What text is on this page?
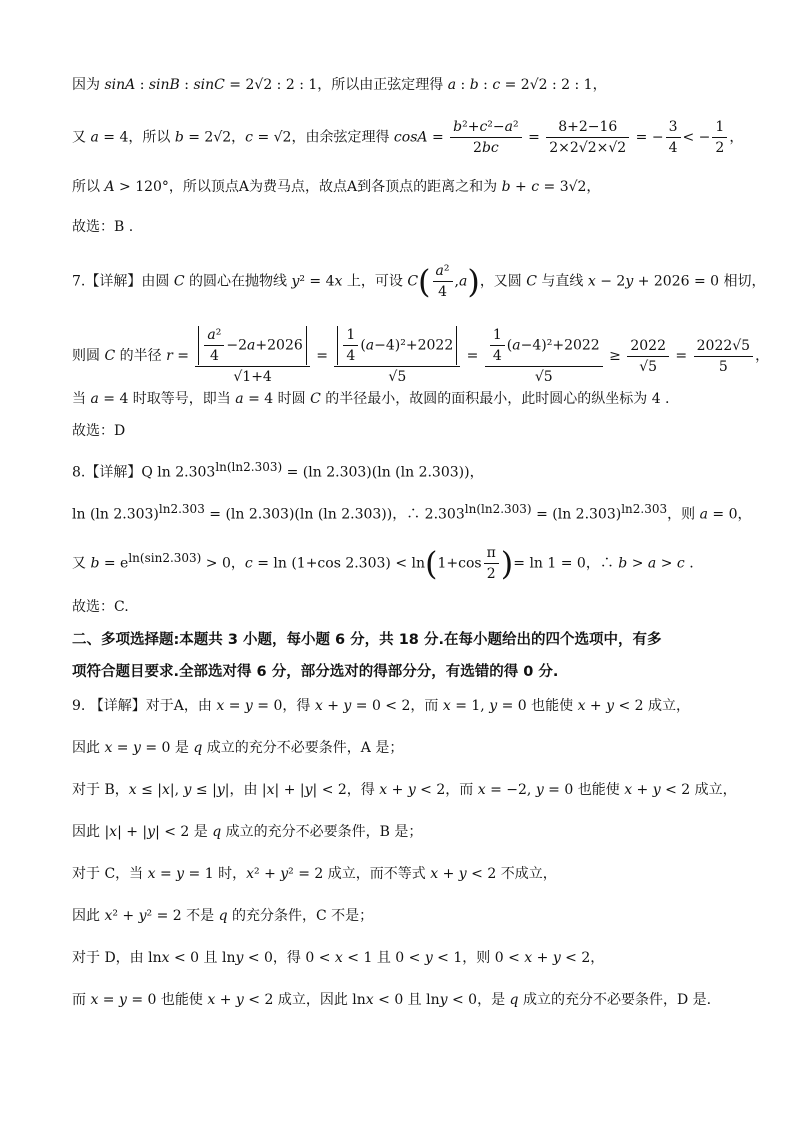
因为 sinA : sinB : sinC = 2√2 : 2 : 1，所以由正弦定理得 a : b : c = 2√2 : 2 : 1，
又 a = 4，所以 b = 2√2，c = √2，由余弦定理得 $\cos A = \frac{\text{b²+c²−a²}}{2bc} = \frac{8+2-16}{2\times 2√2\times√2}$ = − $\frac{3}{4}$ < − $\frac{1}{2}$ ，
所以 A > 120°，所以顶点A为费马点，故点A到各顶点的距离之和为 b + c = 3√2，
故选：B .
7.【详解】由圆 C 的圆心在抛物线 y² = 4x 上，可设 $C( \frac{\text{a²}}{4} ,a)$，又圆 C 与直线 x − 2y + 2026 = 0 相切，
则圆 C 的半径 $r = \frac{\frac{\text{a²}}{4} -2a+2026}{√1+4} = \frac{\frac{1}{4} (a-4)^2+2022}{√5} = \frac{\frac{1}{4} (a-4)^2+2022}{√5} \ge \frac{2022}{√5} = \frac{2022√5}{5}$ ，
当 a = 4 时取等号，即当 a = 4 时圆 C 的半径最小，故圆的面积最小，此时圆心的纵坐标为 4 .
故选：D
8.【详解】Q $\ln 2.303^{ln(ln2.303)} = (\ln$ 2.303)(ln (ln 2.303))，
ln (ln 2.303)$^{ln2.303}$ = (ln 2.303)(ln (ln 2.303))，∴ $2.303^{ln(ln2.303)} = (\ln$ 2.303)$^{ln2.303}$，则 a = 0，
又 $b = e^{ln(sin2.303)} > 0$，c = ln (1+cos $2.303) < \ln(1+\cos \frac{\pi}{2}$ )= ln 1 = 0，∴ b > a > c .
故选：C.
二、多项选择题:本题共 3 小题，每小题 6 分，共 18 分.在每小题给出的四个选项中，有多
项符合题目要求.全部选对得 6 分，部分选对的得部分分，有选错的得 0 分.
9. 【详解】对于A，由 x = y = 0，得 x + y = 0 < 2，而 x = 1, y = 0 也能使 x + y < 2 成立，
因此 x = y = 0 是 q 成立的充分不必要条件，A 是；
对于 B，x ≤ |x|, y ≤ |y|，由 |x| + |y| < 2，得 x + y < 2，而 x = −2, y = 0 也能使 x + y < 2 成立，
因此 |x| + |y| < 2 是 q 成立的充分不必要条件，B 是；
对于 C，当 x = y = 1 时，x² + y² = 2 成立，而不等式 x + y < 2 不成立，
因此 x² + y² = 2 不是 q 的充分条件，C 不是；
对于 D，由 lnx < 0 且 lny < 0，得 0 < x < 1 且 0 < y < 1，则 0 < x + y < 2，
而 x = y = 0 也能使 x + y < 2 成立，因此 lnx < 0 且 lny < 0，是 q 成立的充分不必要条件，D 是.
